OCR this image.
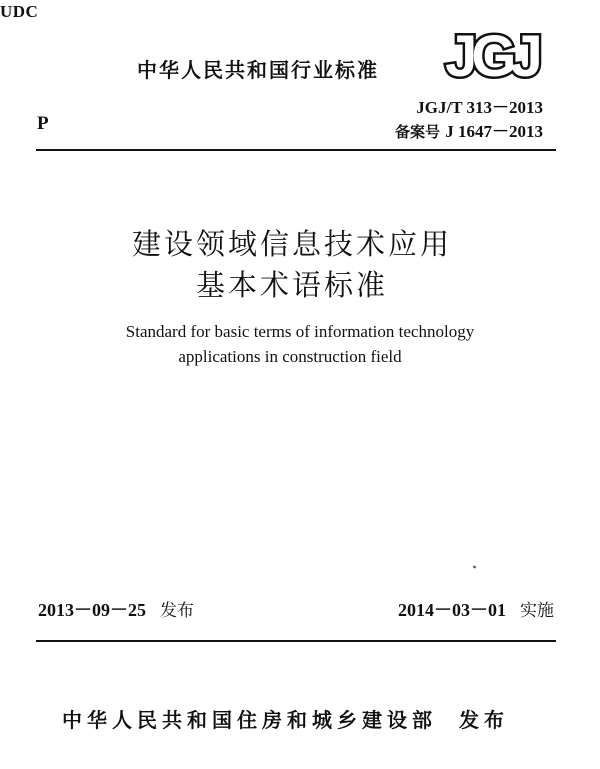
UDC
中华人民共和国行业标准 JGJ
P
JGJ/T 313－2013
备案号 J 1647－2013
建设领域信息技术应用
基本术语标准
Standard for basic terms of information technology
applications in construction field
2013－09－25 发布	2014－03－01 实施
中华人民共和国住房和城乡建设部 发布
